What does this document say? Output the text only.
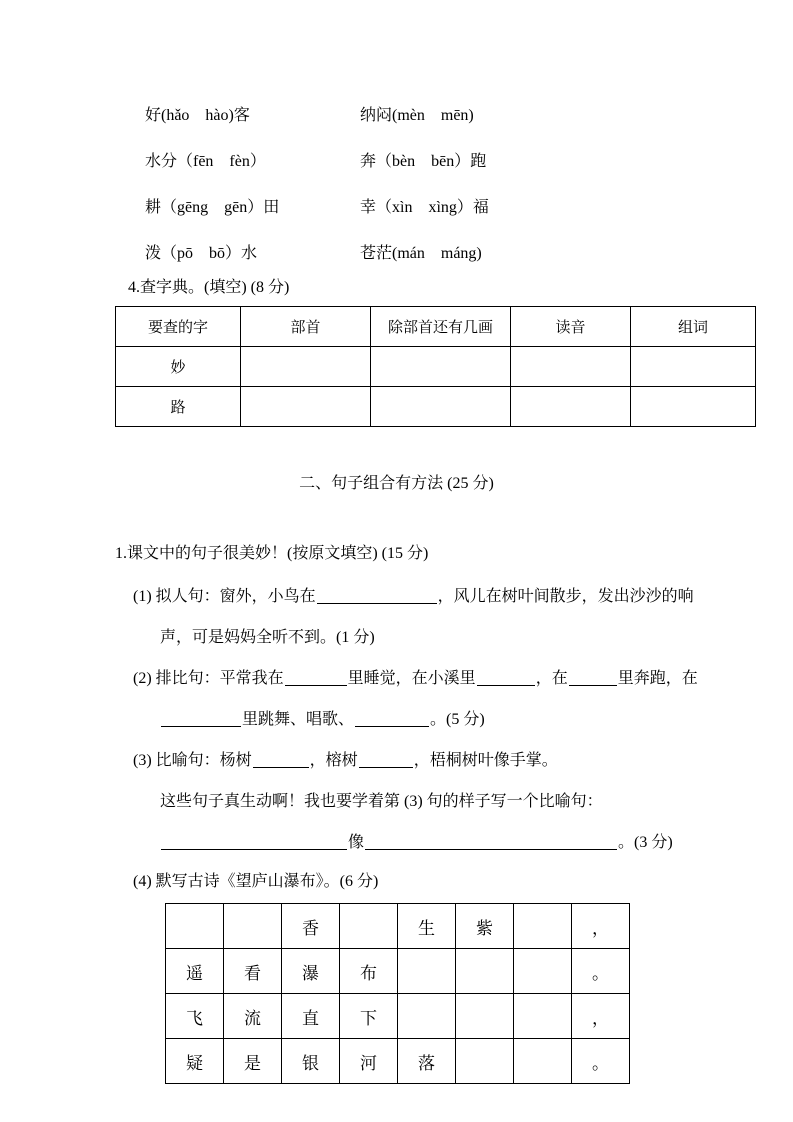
好(hǎo　hào)客	纳闷(mèn　mēn)
水分（fēn　fèn）	奔（bèn　bēn）跑
耕（gēng　gēn）田	幸（xìn　xìng）福
泼（pō　bō）水	苍茫(mán　máng)
4.查字典。(填空) (8 分)
要查的字	部首	除部首还有几画	读音	组词
妙				
路				
二、句子组合有方法 (25 分)
1.课文中的句子很美妙！(按原文填空) (15 分)
(1) 拟人句：窗外，小鸟在	，风儿在树叶间散步，发出沙沙的响
声，可是妈妈全听不到。(1 分)
(2) 排比句：平常我在	里睡觉，在小溪里	，在	里奔跑，在
里跳舞、唱歌、	。(5 分)
(3) 比喻句：杨树	，榕树	，梧桐树叶像手掌。
这些句子真生动啊！我也要学着第 (3) 句的样子写一个比喻句：
像	。(3 分)
(4) 默写古诗《望庐山瀑布》。(6 分)
		香		生	紫		，
遥	看	瀑	布				。
飞	流	直	下				，
疑	是	银	河	落			。
